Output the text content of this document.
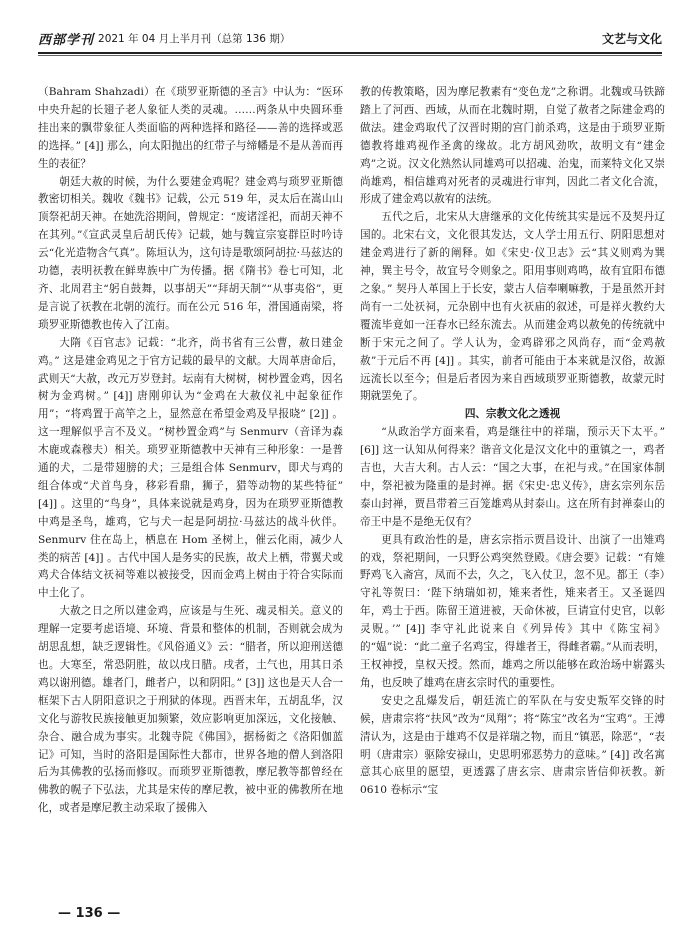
西部学刊 2021 年 04 月上半月刊（总第 136 期）	文艺与文化

（Bahram Shahzadi）在《琐罗亚斯德的圣言》中认为：“医环中央升起的长翅子老人象征人类的灵魂。……两条从中央圆环垂挂出来的飘带象征人类面临的两种选择和路径——善的选择或恶的选择。” [4]] 那么，向太阳抛出的红带子与缔幡是不是从善而再生的表征？

朝廷大赦的时候，为什么要建金鸡呢？建金鸡与琐罗亚斯德教密切相关。魏收《魏书》记载，公元 519 年，灵太后在嵩山山顶祭祀胡天神。在她洗浴期间，曾规定：“废诸淫祀，而胡天神不在其列。”《宣武灵皇后胡氏传》记载，她与魏宣宗宴群臣时吟诗云“化光造物含气真”。陈垣认为，这句诗是歌颂阿胡拉·马兹达的功德，表明祆教在鲜卑族中广为传播。据《隋书》卷七可知，北齐、北周君主“躬自鼓舞，以事胡天”“拜胡天制”“从事夷俗”，更是言说了祆教在北朝的流行。而在公元 516 年，滑国通南梁，将琐罗亚斯德教也传入了江南。

大隋《百官志》记载：“北齐，尚书省有三公曹，赦日建金鸡。” 这是建金鸡见之于官方记载的最早的文献。大周革唐命后，武则天“大赦，改元万岁登封。坛南有大树树，树杪置金鸡，因名树为金鸡树。” [4]] 唐刚卯认为“金鸡在大赦仪礼中起象征作用”；“将鸡置于高竿之上，显然意在希望金鸡及早报晓” [2]] 。这一理解似乎言不及义。“树杪置金鸡”与 Senmurv（音译为森木鹿或森穆夫）相关。琐罗亚斯德教中天神有三种形象：一是普通的犬，二是带翅膀的犬；三是组合体 Senmurv，即犬与鸡的组合体或“犬首鸟身，移彩看鼎，狮子，猎等动物的某些特征” [4]] 。这里的“鸟身”，具体来说就是鸡身，因为在琐罗亚斯德教中鸡是圣鸟，雄鸡，它与犬一起是阿胡拉·马兹达的战斗伙伴。Senmurv 住在岛上，栖息在 Hom 圣树上，催云化雨，减少人类的病苦 [4]] 。古代中国人是务实的民族，故犬上栖，带翼犬或鸡犬合体结文祆祠等难以被接受，因而金鸡上树由于符合实际而中土化了。

大赦之日之所以建金鸡，应该是与生死、魂灵相关。意义的理解一定要考虑语境、环境、背景和整体的机制，否则就会成为胡思乱想，缺乏逻辑性。《风俗通义》云：“腊者，所以迎刑送德也。大寒至，常恐阴胜，故以戌日腊。戌者，土气也，用其日杀鸡以谢刑德。雄者门，雌者户，以和阴阳。” [3]] 这也是天人合一框架下古人阴阳意识之于刑狱的体现。西晋末年，五胡乱华，汉文化与游牧民族接触更加频繁，效应影响更加深远，文化接触、杂合、融合成为事实。北魏寺院《佛国》，据杨衒之《洛阳伽蓝记》可知，当时的洛阳是国际性大都市，世界各地的僧人到洛阳后为其佛教的弘扬而修叹。而琐罗亚斯德教，摩尼教等都曾经在佛教的幌子下弘法，尤其是宋传的摩尼教，被中亚的佛教所在地化，或者是摩尼教主动采取了援佛入

教的传教策略，因为摩尼教素有“变色龙”之称谓。北魏或马铁蹄踏上了河西、西域，从而在北魏时期，自觉了赦者之际建金鸡的做法。建金鸡取代了汉晋时期的宫门前杀鸡，这是由于琐罗亚斯德教将雄鸡视作圣禽的缘故。北方胡风劲吹，故明文有“建金鸡”之说。汉文化熟然认同雄鸡可以招魂、治鬼，而莱特文化又崇尚雄鸡，相信雄鸡对死者的灵魂进行审判，因此二者文化合流，形成了建金鸡以赦宥的法统。

五代之后，北宋从大唐继承的文化传统其实是远不及契丹辽国的。北宋右文，文化很其发达，文人学士用五行、阴阳思想对建金鸡进行了新的阐释。如《宋史·仪卫志》云“其义则鸡为巽神，巽主号令，故宜号令则象之。阳用事则鸡鸣，故有宜阳布德之象。” 契丹人革国上于长安，蒙古人信奉喇嘛教，于是虽然开封尚有一二处祆祠，元杂剧中也有火祆庙的叙述，可是祥火教约大覆流毕竟如一汪春水已经东流去。从而建金鸡以赦免的传统就中断于宋元之间了。学人认为，金鸡辟邪之风尚存，而“金鸡赦赦”于元后不再 [4]] 。其实，前者可能由于本来就是汉俗，故源远流长以至今；但是后者因为来自西域琐罗亚斯德教，故蒙元时期就罢免了。

四、宗教文化之透视

“从政治学方面来看，鸡是继往中的祥瑞，预示天下太平。” [6]] 这一认知从何得来？谐音文化是汉文化中的重镇之一，鸡者吉也，大吉大利。古人云：“国之大事，在祀与戎。”在国家体制中，祭祀被为隆重的是封禅。据《宋史·忠义传》，唐玄宗列东岳泰山封禅，贾昌带着三百笼雄鸡从封泰山。这在所有封禅泰山的帝王中是不是绝无仅有？

更具有政治性的是，唐玄宗指示贾昌设计、出演了一出雉鸡的戏，祭祀期间，一只野公鸡突然登殿。《唐会要》记载：“有雉野鸡飞入斋宫，凤而不去，久之，飞入仗卫，忽不见。都王（李）守礼等贺曰：‘陛下纳瑞如初，雉来者性，雉来者王。又圣诞四年，鸡士于西。陈留王道进被，天命休被，巨请宣付史官，以彰灵贶。’” [4]] 李守礼此说来自《列异传》其中《陈宝祠》的“媪”说：“此二童子名鸡宝，得雄者王，得雌者霸。”从而表明，王权神授，皇权天授。然而，雄鸡之所以能够在政治场中崭露头角，也反映了雄鸡在唐玄宗时代的重要性。

安史之乱爆发后，朝廷流亡的军队在与安史叛军交锋的时候，唐肃宗将“扶风”改为“凤翔”；将“陈宝”改名为“宝鸡”。王溥清认为，这是由于雄鸡不仅是祥瑞之物，而且“镇恶，除恶”，“表明（唐肃宗）驱除安禄山，史思明邪恶势力的意味。” [4]] 改名寓意其心底里的愿望，更透露了唐玄宗、唐肃宗皆信仰祆教。新 0610 卷标示“宝

— 136 —
